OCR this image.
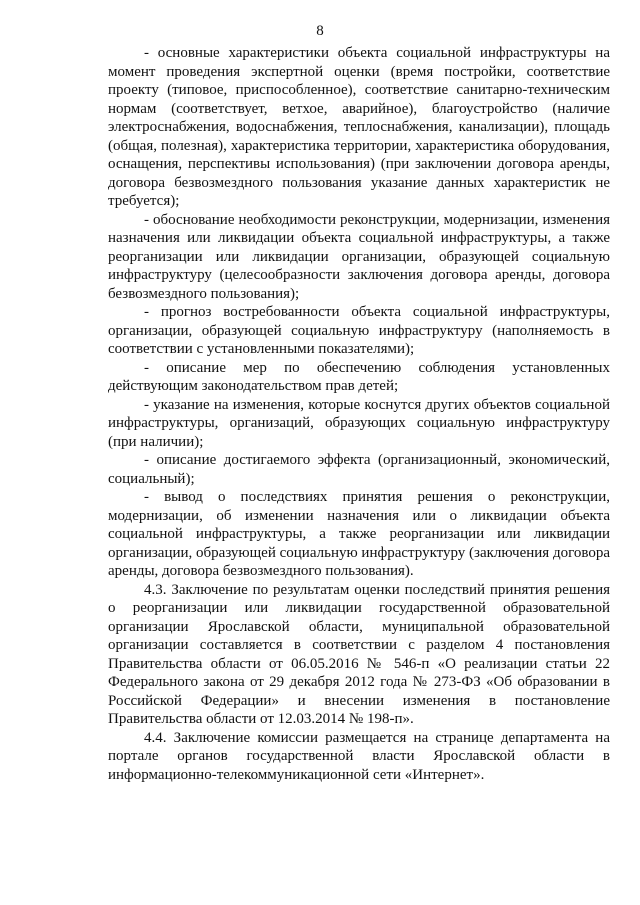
8

- основные характеристики объекта социальной инфраструктуры на момент проведения экспертной оценки (время постройки, соответствие проекту (типовое, приспособленное), соответствие санитарно-техническим нормам (соответствует, ветхое, аварийное), благоустройство (наличие электроснабжения, водоснабжения, теплоснабжения, канализации), площадь (общая, полезная), характеристика территории, характеристика оборудования, оснащения, перспективы использования) (при заключении договора аренды, договора безвозмездного пользования указание данных характеристик не требуется);

- обоснование необходимости реконструкции, модернизации, изменения назначения или ликвидации объекта социальной инфраструктуры, а также реорганизации или ликвидации организации, образующей социальную инфраструктуру (целесообразности заключения договора аренды, договора безвозмездного пользования);

- прогноз востребованности объекта социальной инфраструктуры, организации, образующей социальную инфраструктуру (наполняемость в соответствии с установленными показателями);

- описание мер по обеспечению соблюдения установленных действующим законодательством прав детей;

- указание на изменения, которые коснутся других объектов социальной инфраструктуры, организаций, образующих социальную инфраструктуру (при наличии);

- описание достигаемого эффекта (организационный, экономический, социальный);

- вывод о последствиях принятия решения о реконструкции, модернизации, об изменении назначения или о ликвидации объекта социальной инфраструктуры, а также реорганизации или ликвидации организации, образующей социальную инфраструктуру (заключения договора аренды, договора безвозмездного пользования).

4.3. Заключение по результатам оценки последствий принятия решения о реорганизации или ликвидации государственной образовательной организации Ярославской области, муниципальной образовательной организации составляется в соответствии с разделом 4 постановления Правительства области от 06.05.2016 № 546-п «О реализации статьи 22 Федерального закона от 29 декабря 2012 года № 273-ФЗ «Об образовании в Российской Федерации» и внесении изменения в постановление Правительства области от 12.03.2014 № 198-п».

4.4. Заключение комиссии размещается на странице департамента на портале органов государственной власти Ярославской области в информационно-телекоммуникационной сети «Интернет».
